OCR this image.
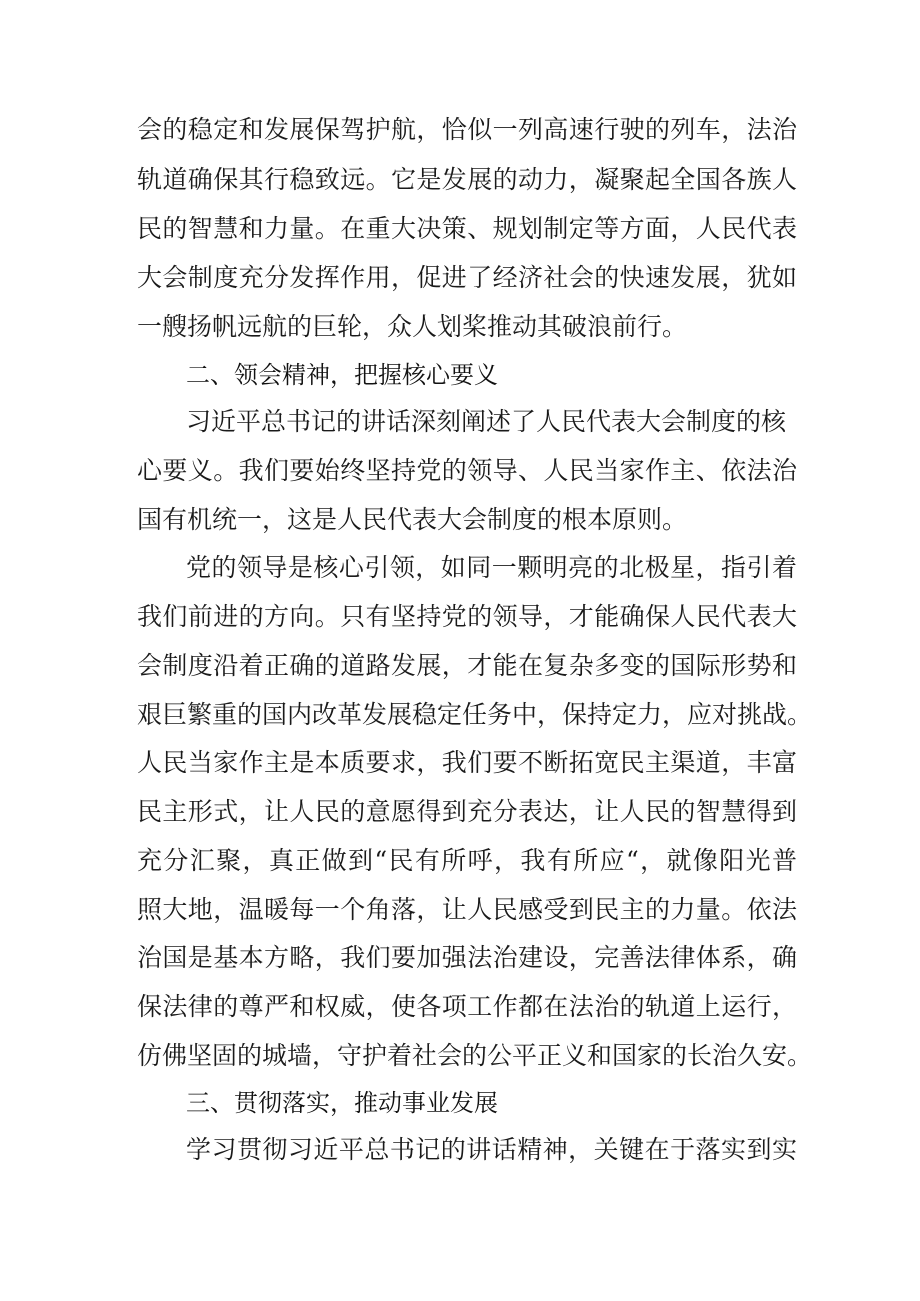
会的稳定和发展保驾护航，恰似一列高速行驶的列车，法治
轨道确保其行稳致远。它是发展的动力，凝聚起全国各族人
民的智慧和力量。在重大决策、规划制定等方面，人民代表
大会制度充分发挥作用，促进了经济社会的快速发展，犹如
一艘扬帆远航的巨轮，众人划桨推动其破浪前行。
二、领会精神，把握核心要义
习近平总书记的讲话深刻阐述了人民代表大会制度的核
心要义。我们要始终坚持党的领导、人民当家作主、依法治
国有机统一，这是人民代表大会制度的根本原则。
党的领导是核心引领，如同一颗明亮的北极星，指引着
我们前进的方向。只有坚持党的领导，才能确保人民代表大
会制度沿着正确的道路发展，才能在复杂多变的国际形势和
艰巨繁重的国内改革发展稳定任务中，保持定力，应对挑战。
人民当家作主是本质要求，我们要不断拓宽民主渠道，丰富
民主形式，让人民的意愿得到充分表达，让人民的智慧得到
充分汇聚，真正做到“民有所呼，我有所应“，就像阳光普
照大地，温暖每一个角落，让人民感受到民主的力量。依法
治国是基本方略，我们要加强法治建设，完善法律体系，确
保法律的尊严和权威，使各项工作都在法治的轨道上运行，
仿佛坚固的城墙，守护着社会的公平正义和国家的长治久安。
三、贯彻落实，推动事业发展
学习贯彻习近平总书记的讲话精神，关键在于落实到实
